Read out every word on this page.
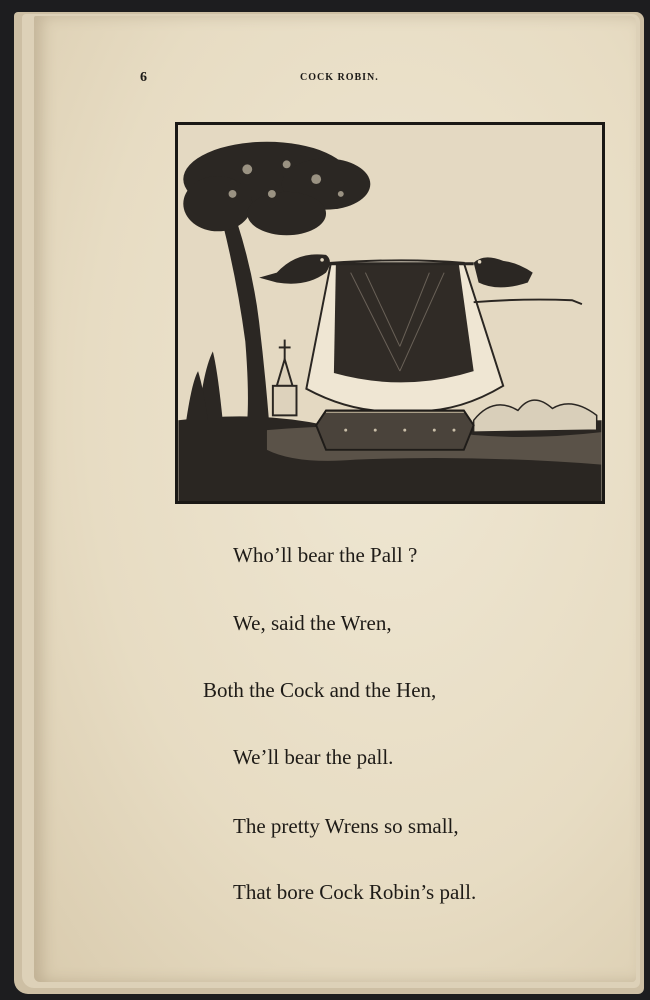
6	COCK ROBIN.
Who’ll bear the Pall ?
We, said the Wren,
Both the Cock and the Hen,
We’ll bear the pall.
The pretty Wrens so small,
That bore Cock Robin’s pall.
